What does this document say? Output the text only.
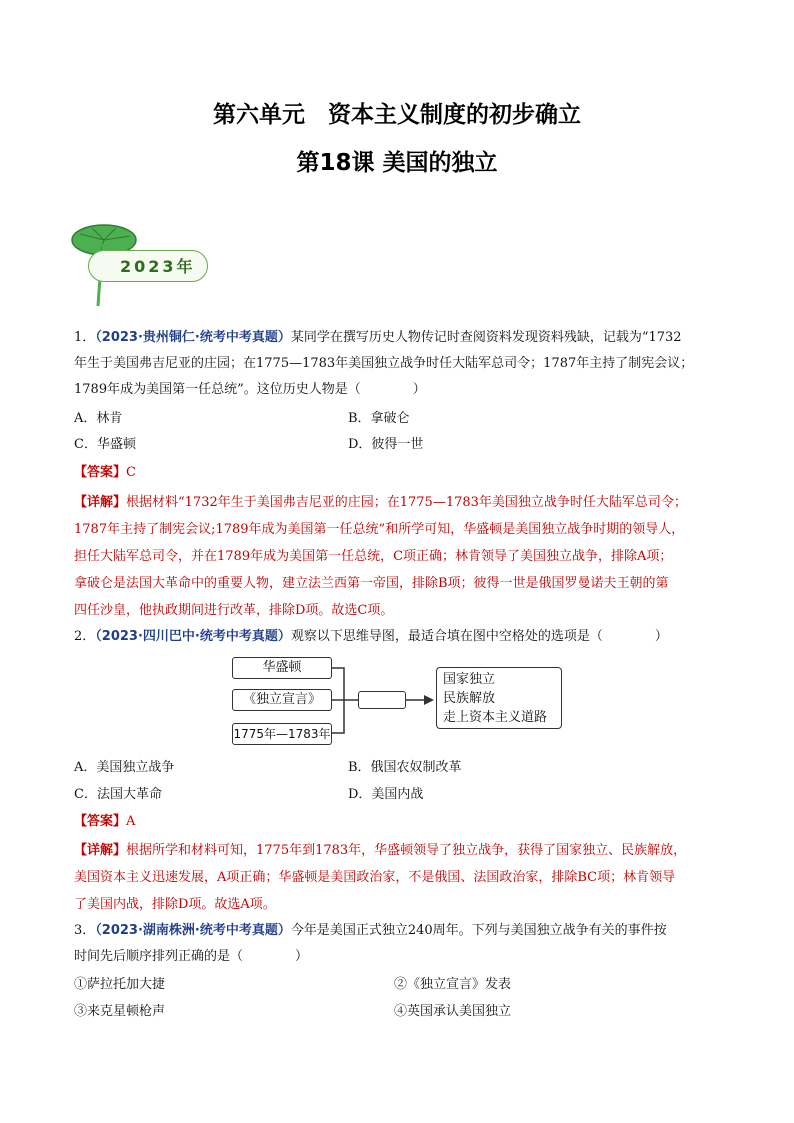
第六单元　资本主义制度的初步确立
第18课 美国的独立
2023年

1．（2023·贵州铜仁·统考中考真题）某同学在撰写历史人物传记时查阅资料发现资料残缺，记载为“1732

年生于美国弗吉尼亚的庄园；在1775—1783年美国独立战争时任大陆军总司令；1787年主持了制宪会议；

1789年成为美国第一任总统”。这位历史人物是（　　　　）

A．林肯	B．拿破仑
C．华盛顿	D．彼得一世

【答案】C

【详解】根据材料“1732年生于美国弗吉尼亚的庄园；在1775—1783年美国独立战争时任大陆军总司令；

1787年主持了制宪会议;1789年成为美国第一任总统”和所学可知，华盛顿是美国独立战争时期的领导人，

担任大陆军总司令，并在1789年成为美国第一任总统，C项正确；林肯领导了美国独立战争，排除A项；

拿破仑是法国大革命中的重要人物，建立法兰西第一帝国，排除B项；彼得一世是俄国罗曼诺夫王朝的第

四任沙皇，他执政期间进行改革，排除D项。故选C项。

2．（2023·四川巴中·统考中考真题）观察以下思维导图，最适合填在图中空格处的选项是（　　　　）

华盛顿
《独立宣言》
1775年—1783年
国家独立
民族解放
走上资本主义道路
A．美国独立战争	B．俄国农奴制改革
C．法国大革命	D．美国内战

【答案】A

【详解】根据所学和材料可知，1775年到1783年，华盛顿领导了独立战争，获得了国家独立、民族解放，

美国资本主义迅速发展，A项正确；华盛顿是美国政治家，不是俄国、法国政治家，排除BC项；林肯领导

了美国内战，排除D项。故选A项。

3．（2023·湖南株洲·统考中考真题）今年是美国正式独立240周年。下列与美国独立战争有关的事件按

时间先后顺序排列正确的是（　　　　）

①萨拉托加大捷	②《独立宣言》发表
③来克星顿枪声	④英国承认美国独立
